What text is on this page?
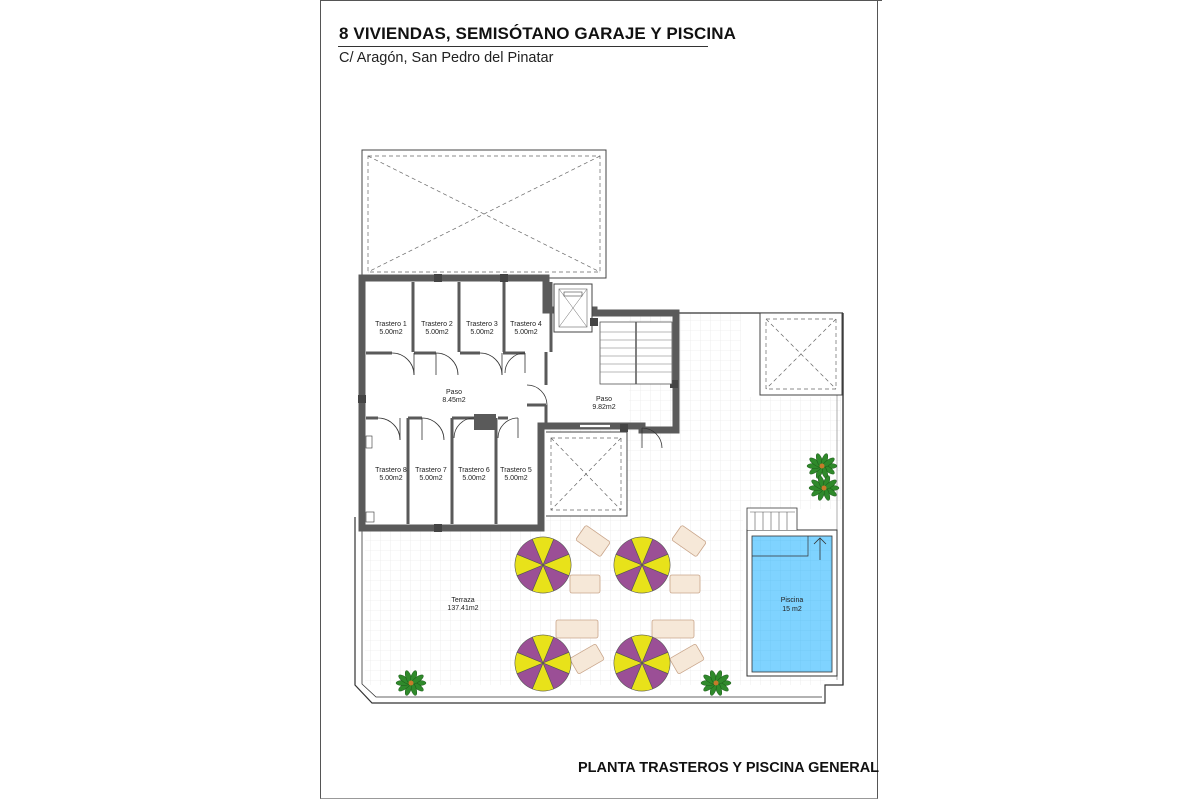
8 VIVIENDAS, SEMISÓTANO GARAJE Y PISCINA
C/ Aragón, San Pedro del Pinatar
Trastero 1
5.00m2
Trastero 2
5.00m2
Trastero 3
5.00m2
Trastero 4
5.00m2
Paso
8.45m2	Paso
9.82m2
Trastero 8
5.00m2
Trastero 7
5.00m2
Trastero 6
5.00m2
Trastero 5
5.00m2
Terraza
137.41m2
Piscina
15 m2
PLANTA TRASTEROS Y PISCINA GENERAL
